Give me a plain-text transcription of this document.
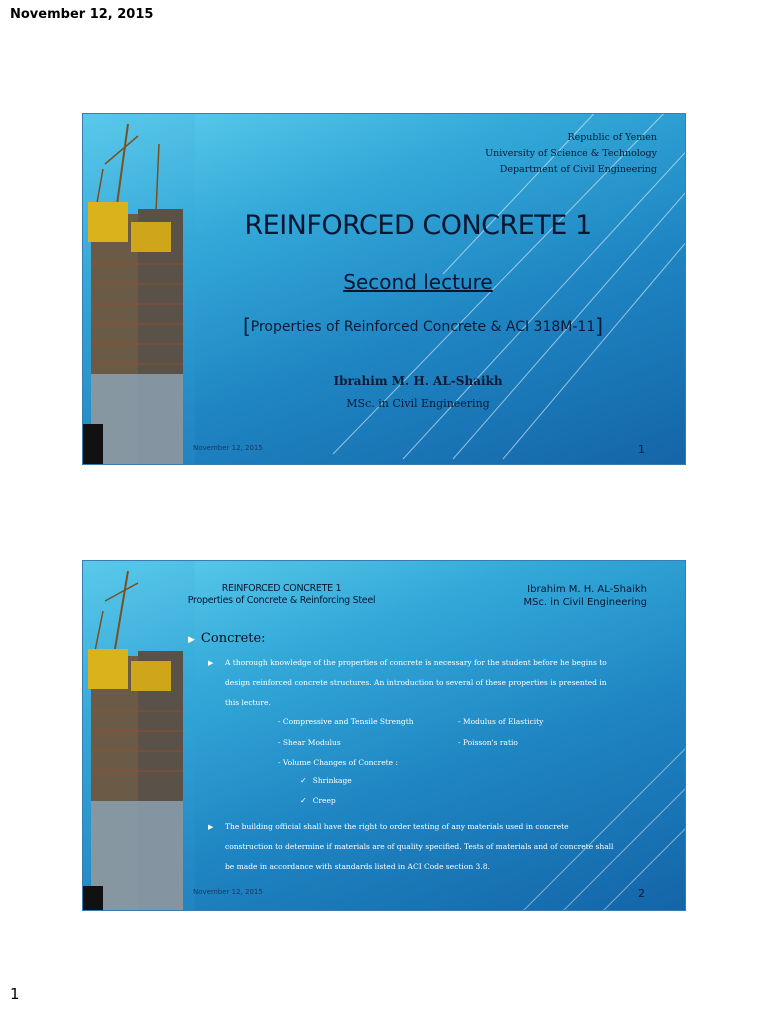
November 12, 2015
Republic of Yemen
University of Science & Technology
Department of Civil Engineering
REINFORCED CONCRETE 1
Second lecture
[Properties of Reinforced Concrete & ACI 318M-11]
Ibrahim M. H. AL-Shaikh
MSc. in Civil Engineering
November 12, 2015	1
REINFORCED CONCRETE 1
Properties of Concrete & Reinforcing Steel
Ibrahim M. H. AL-Shaikh
MSc. in Civil Engineering
▶ Concrete:
▶ A thorough knowledge of the properties of concrete is necessary for the student before he begins to
design reinforced concrete structures. An introduction to several of these properties is presented in
this lecture.
- Compressive and Tensile Strength	- Modulus of Elasticity
- Shear Modulus	- Poisson's ratio
- Volume Changes of Concrete :
✓ Shrinkage
✓ Creep
▶ The building official shall have the right to order testing of any materials used in concrete
construction to determine if materials are of quality specified. Tests of materials and of concrete shall
be made in accordance with standards listed in ACI Code section 3.8.
November 12, 2015	2
1
